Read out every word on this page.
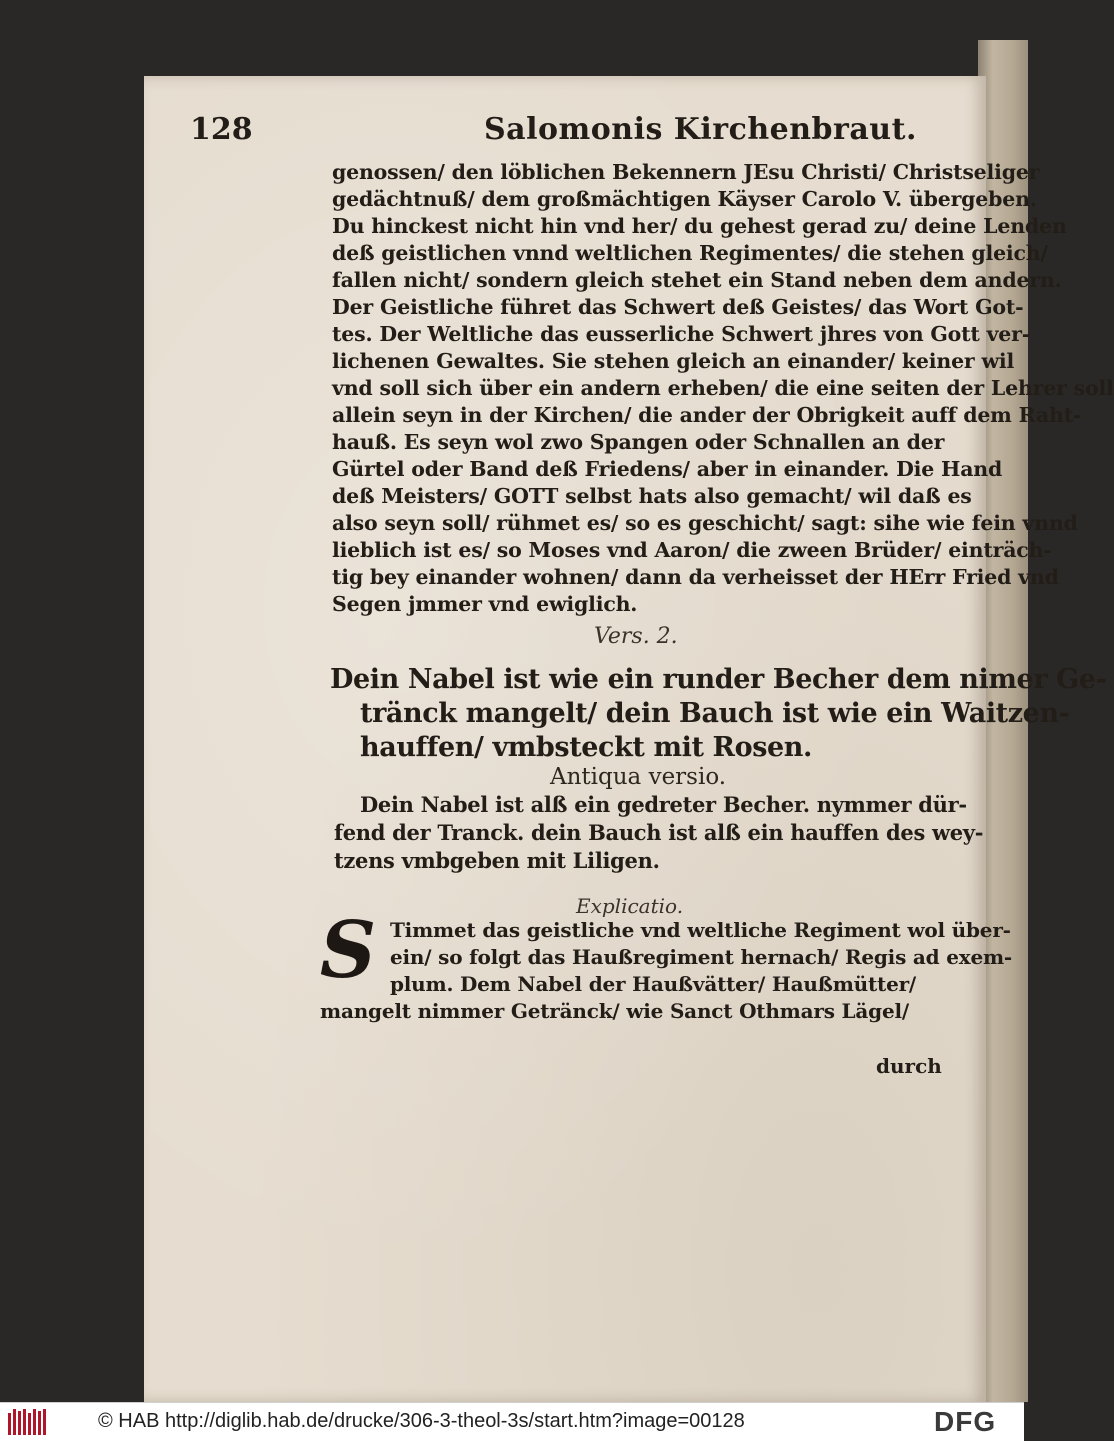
128	Salomonis Kirchenbraut.
genossen/ den löblichen Bekennern JEsu Christi/ Christseliger
gedächtnuß/ dem großmächtigen Käyser Carolo V. übergeben.
Du hinckest nicht hin vnd her/ du gehest gerad zu/ deine Lenden
deß geistlichen vnnd weltlichen Regimentes/ die stehen gleich/
fallen nicht/ sondern gleich stehet ein Stand neben dem andern.
Der Geistliche führet das Schwert deß Geistes/ das Wort Got-
tes. Der Weltliche das eusserliche Schwert jhres von Gott ver-
lichenen Gewaltes. Sie stehen gleich an einander/ keiner wil
vnd soll sich über ein andern erheben/ die eine seiten der Lehrer soll
allein seyn in der Kirchen/ die ander der Obrigkeit auff dem Raht-
hauß. Es seyn wol zwo Spangen oder Schnallen an der
Gürtel oder Band deß Friedens/ aber in einander. Die Hand
deß Meisters/ GOTT selbst hats also gemacht/ wil daß es
also seyn soll/ rühmet es/ so es geschicht/ sagt: sihe wie fein vnnd
lieblich ist es/ so Moses vnd Aaron/ die zween Brüder/ einträch-
tig bey einander wohnen/ dann da verheisset der HErr Fried vnd
Segen jmmer vnd ewiglich.
Vers. 2.
Dein Nabel ist wie ein runder Becher dem nimer Ge-
tränck mangelt/ dein Bauch ist wie ein Waitzen-
hauffen/ vmbsteckt mit Rosen.
Antiqua versio.
Dein Nabel ist alß ein gedreter Becher. nymmer dür-
fend der Tranck. dein Bauch ist alß ein hauffen des wey-
tzens vmbgeben mit Liligen.
Explicatio.
S Timmet das geistliche vnd weltliche Regiment wol über-
ein/ so folgt das Haußregiment hernach/ Regis ad exem-
plum. Dem Nabel der Haußvätter/ Haußmütter/
mangelt nimmer Getränck/ wie Sanct Othmars Lägel/
durch
© HAB http://diglib.hab.de/drucke/306-3-theol-3s/start.htm?image=00128	DFG
